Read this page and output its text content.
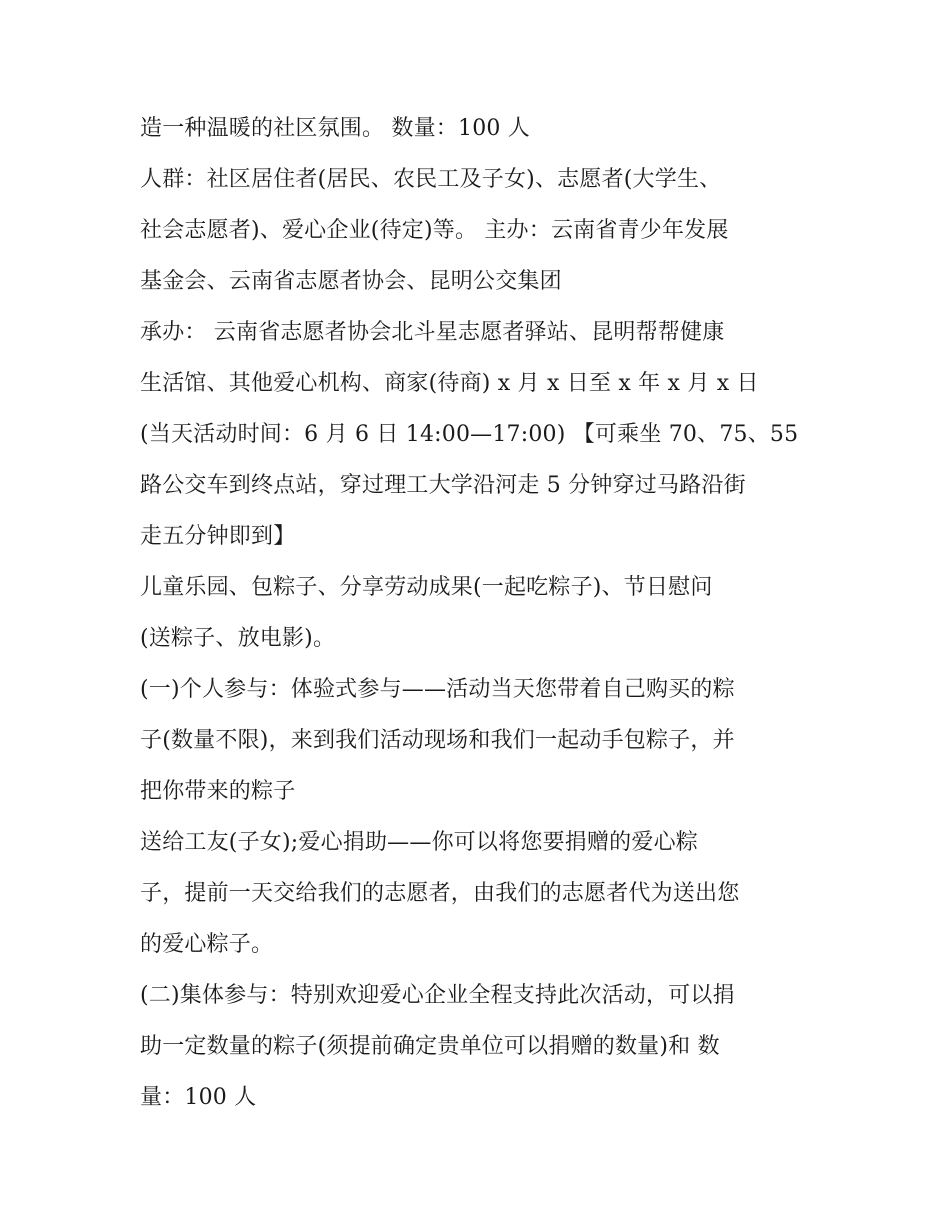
造一种温暖的社区氛围。 数量：100 人
人群：社区居住者(居民、农民工及子女)、志愿者(大学生、
社会志愿者)、爱心企业(待定)等。 主办：云南省青少年发展
基金会、云南省志愿者协会、昆明公交集团
承办： 云南省志愿者协会北斗星志愿者驿站、昆明帮帮健康
生活馆、其他爱心机构、商家(待商) x 月 x 日至 x 年 x 月 x 日
(当天活动时间：6 月 6 日 14:00—17:00) 【可乘坐 70、75、55
路公交车到终点站，穿过理工大学沿河走 5 分钟穿过马路沿街
走五分钟即到】
儿童乐园、包粽子、分享劳动成果(一起吃粽子)、节日慰问
(送粽子、放电影)。
(一)个人参与：体验式参与——活动当天您带着自己购买的粽
子(数量不限)，来到我们活动现场和我们一起动手包粽子，并
把你带来的粽子
送给工友(子女);爱心捐助——你可以将您要捐赠的爱心粽
子，提前一天交给我们的志愿者，由我们的志愿者代为送出您
的爱心粽子。
(二)集体参与：特别欢迎爱心企业全程支持此次活动，可以捐
助一定数量的粽子(须提前确定贵单位可以捐赠的数量)和 数
量：100 人
